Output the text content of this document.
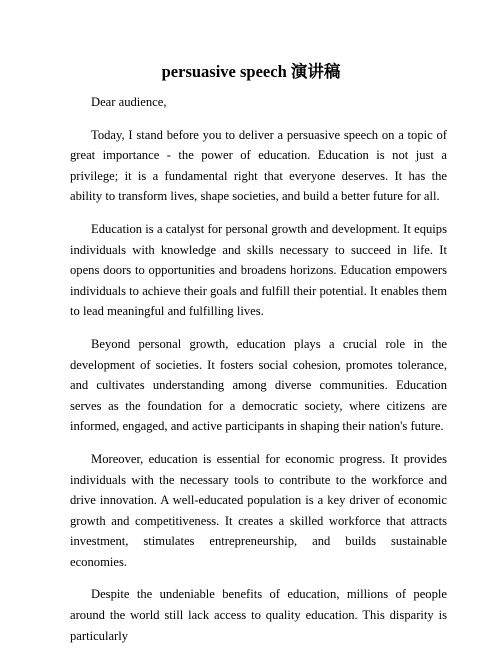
persuasive speech 演讲稿

Dear audience,

Today, I stand before you to deliver a persuasive speech on a topic of great importance - the power of education. Education is not just a privilege; it is a fundamental right that everyone deserves. It has the ability to transform lives, shape societies, and build a better future for all.

Education is a catalyst for personal growth and development. It equips individuals with knowledge and skills necessary to succeed in life. It opens doors to opportunities and broadens horizons. Education empowers individuals to achieve their goals and fulfill their potential. It enables them to lead meaningful and fulfilling lives.

Beyond personal growth, education plays a crucial role in the development of societies. It fosters social cohesion, promotes tolerance, and cultivates understanding among diverse communities. Education serves as the foundation for a democratic society, where citizens are informed, engaged, and active participants in shaping their nation's future.

Moreover, education is essential for economic progress. It provides individuals with the necessary tools to contribute to the workforce and drive innovation. A well-educated population is a key driver of economic growth and competitiveness. It creates a skilled workforce that attracts investment, stimulates entrepreneurship, and builds sustainable economies.

Despite the undeniable benefits of education, millions of people around the world still lack access to quality education. This disparity is particularly
